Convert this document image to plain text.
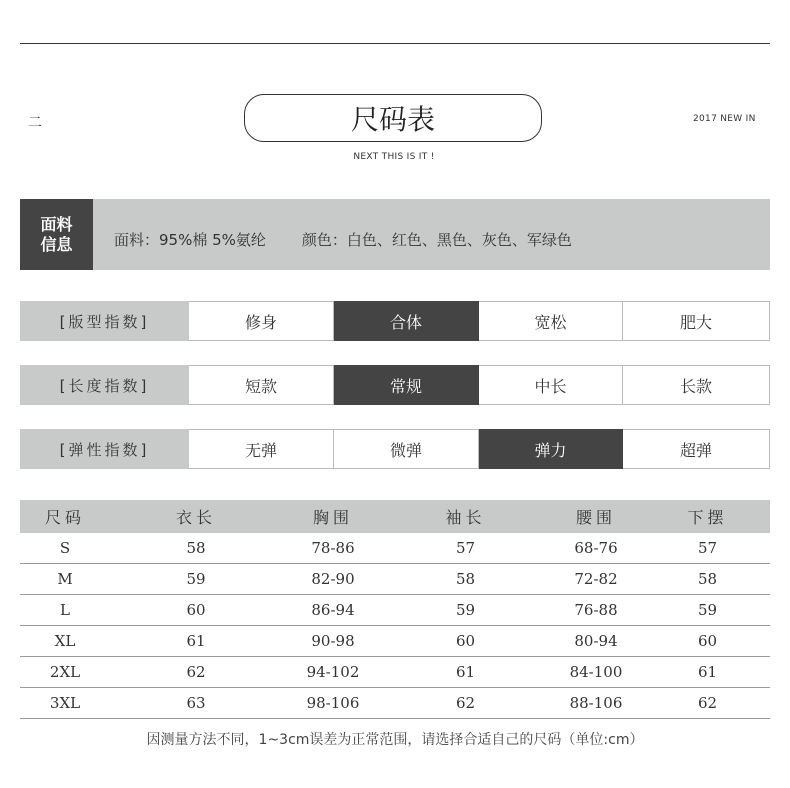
二	尺码表
NEXT THIS IS IT !
2017 NEW IN
面料
信息	面料：95%棉 5%氨纶 颜色：白色、红色、黑色、灰色、军绿色
[版型指数]	修身	合体	宽松	肥大
[长度指数]	短款	常规	中长	长款
[弹性指数]	无弹	微弹	弹力	超弹
尺码	衣长	胸围	袖长	腰围	下摆
S	58	78-86	57	68-76	57
M	59	82-90	58	72-82	58
L	60	86-94	59	76-88	59
XL	61	90-98	60	80-94	60
2XL	62	94-102	61	84-100	61
3XL	63	98-106	62	88-106	62
因测量方法不同，1~3cm误差为正常范围，请选择合适自己的尺码（单位:cm）
